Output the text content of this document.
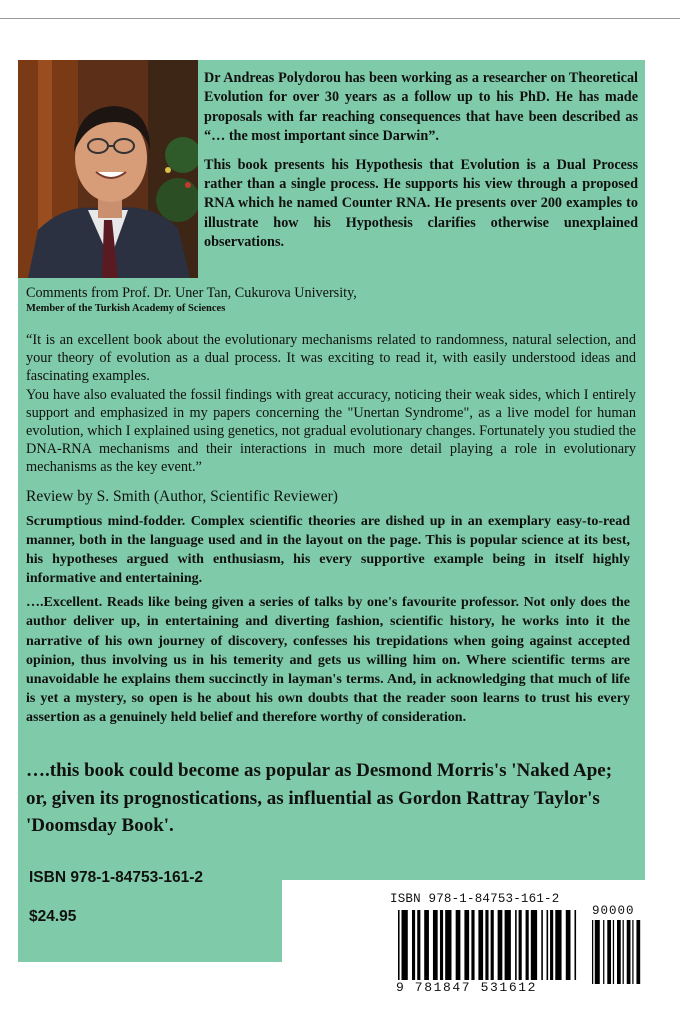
Dr Andreas Polydorou has been working as a researcher on Theoretical Evolution for over 30 years as a follow up to his PhD. He has made proposals with far reaching consequences that have been described as “… the most important since Darwin”.

This book presents his Hypothesis that Evolution is a Dual Process rather than a single process. He supports his view through a proposed RNA which he named Counter RNA. He presents over 200 examples to illustrate how his Hypothesis clarifies otherwise unexplained observations.

Comments from Prof. Dr. Uner Tan, Cukurova University,

Member of the Turkish Academy of Sciences

“It is an excellent book about the evolutionary mechanisms related to randomness, natural selection, and your theory of evolution as a dual process. It was exciting to read it, with easily understood ideas and fascinating examples.

You have also evaluated the fossil findings with great accuracy, noticing their weak sides, which I entirely support and emphasized in my papers concerning the "Unertan Syndrome", as a live model for human evolution, which I explained using genetics, not gradual evolutionary changes. Fortunately you studied the DNA-RNA mechanisms and their interactions in much more detail playing a role in evolutionary mechanisms as the key event.”

Review by S. Smith (Author, Scientific Reviewer)

Scrumptious mind-fodder. Complex scientific theories are dished up in an exemplary easy-to-read manner, both in the language used and in the layout on the page. This is popular science at its best, his hypotheses argued with enthusiasm, his every supportive example being in itself highly informative and entertaining.

….Excellent. Reads like being given a series of talks by one's favourite professor. Not only does the author deliver up, in entertaining and diverting fashion, scientific history, he works into it the narrative of his own journey of discovery, confesses his trepidations when going against accepted opinion, thus involving us in his temerity and gets us willing him on. Where scientific terms are unavoidable he explains them succinctly in layman's terms. And, in acknowledging that much of life is yet a mystery, so open is he about his own doubts that the reader soon learns to trust his every assertion as a genuinely held belief and therefore worthy of consideration.

….this book could become as popular as Desmond Morris's 'Naked Ape; or, given its prognostications, as influential as Gordon Rattray Taylor's 'Doomsday Book'.

ISBN 978-1-84753-161-2

$24.95

ISBN 978-1-84753-161-2

9 781847 531612

90000
